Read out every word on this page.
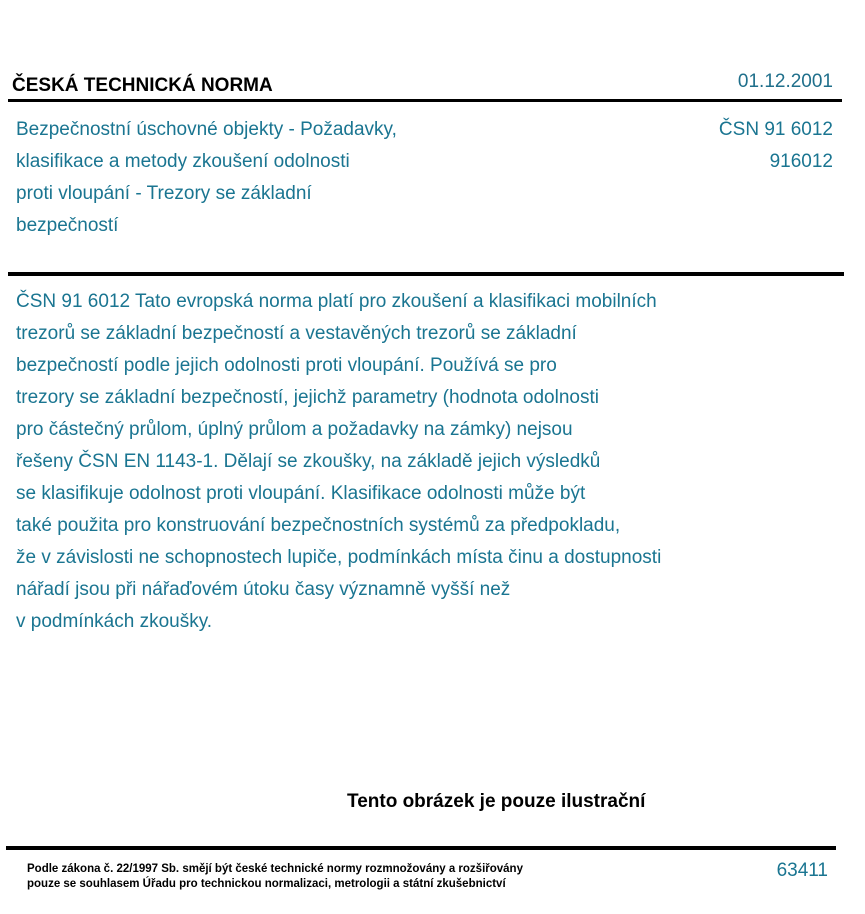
ČESKÁ TECHNICKÁ NORMA	01.12.2001
Bezpečnostní úschovné objekty - Požadavky,
klasifikace a metody zkoušení odolnosti
proti vloupání - Trezory se základní
bezpečností
ČSN 91 6012
916012
ČSN 91 6012 Tato evropská norma platí pro zkoušení a klasifikaci mobilních
trezorů se základní bezpečností a vestavěných trezorů se základní
bezpečností podle jejich odolnosti proti vloupání. Používá se pro
trezory se základní bezpečností, jejichž parametry (hodnota odolnosti
pro částečný průlom, úplný průlom a požadavky na zámky) nejsou
řešeny ČSN EN 1143-1. Dělají se zkoušky, na základě jejich výsledků
se klasifikuje odolnost proti vloupání. Klasifikace odolnosti může být
také použita pro konstruování bezpečnostních systémů za předpokladu,
že v závislosti ne schopnostech lupiče, podmínkách místa činu a dostupnosti
nářadí jsou při nářaďovém útoku časy významně vyšší než
v podmínkách zkoušky.
Tento obrázek je pouze ilustrační
Podle zákona č. 22/1997 Sb. smějí být české technické normy rozmnožovány a rozšiřovány
pouze se souhlasem Úřadu pro technickou normalizaci, metrologii a státní zkušebnictví
63411
